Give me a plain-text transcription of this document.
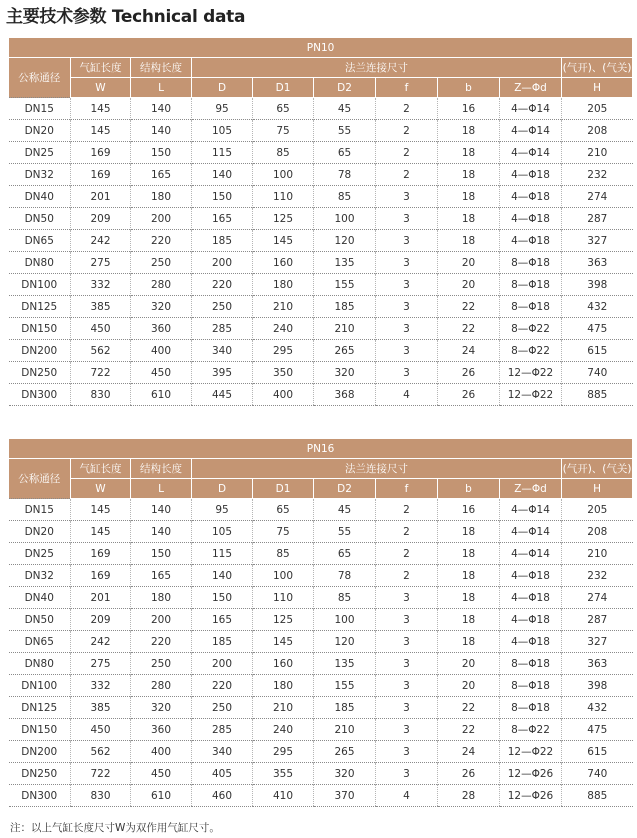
主要技术参数 Technical data
PN10									
公称通径	气缸长度	结构长度	法兰连接尺寸						(气开)、(气关)
	W	L	D	D1	D2	f	b	Z—Φd	H
DN15	145	140	95	65	45	2	16	4—Φ14	205
DN20	145	140	105	75	55	2	18	4—Φ14	208
DN25	169	150	115	85	65	2	18	4—Φ14	210
DN32	169	165	140	100	78	2	18	4—Φ18	232
DN40	201	180	150	110	85	3	18	4—Φ18	274
DN50	209	200	165	125	100	3	18	4—Φ18	287
DN65	242	220	185	145	120	3	18	4—Φ18	327
DN80	275	250	200	160	135	3	20	8—Φ18	363
DN100	332	280	220	180	155	3	20	8—Φ18	398
DN125	385	320	250	210	185	3	22	8—Φ18	432
DN150	450	360	285	240	210	3	22	8—Φ22	475
DN200	562	400	340	295	265	3	24	8—Φ22	615
DN250	722	450	395	350	320	3	26	12—Φ22	740
DN300	830	610	445	400	368	4	26	12—Φ22	885
PN16									
公称通径	气缸长度	结构长度	法兰连接尺寸						(气开)、(气关)
	W	L	D	D1	D2	f	b	Z—Φd	H
DN15	145	140	95	65	45	2	16	4—Φ14	205
DN20	145	140	105	75	55	2	18	4—Φ14	208
DN25	169	150	115	85	65	2	18	4—Φ14	210
DN32	169	165	140	100	78	2	18	4—Φ18	232
DN40	201	180	150	110	85	3	18	4—Φ18	274
DN50	209	200	165	125	100	3	18	4—Φ18	287
DN65	242	220	185	145	120	3	18	4—Φ18	327
DN80	275	250	200	160	135	3	20	8—Φ18	363
DN100	332	280	220	180	155	3	20	8—Φ18	398
DN125	385	320	250	210	185	3	22	8—Φ18	432
DN150	450	360	285	240	210	3	22	8—Φ22	475
DN200	562	400	340	295	265	3	24	12—Φ22	615
DN250	722	450	405	355	320	3	26	12—Φ26	740
DN300	830	610	460	410	370	4	28	12—Φ26	885

注：以上气缸长度尺寸W为双作用气缸尺寸。
